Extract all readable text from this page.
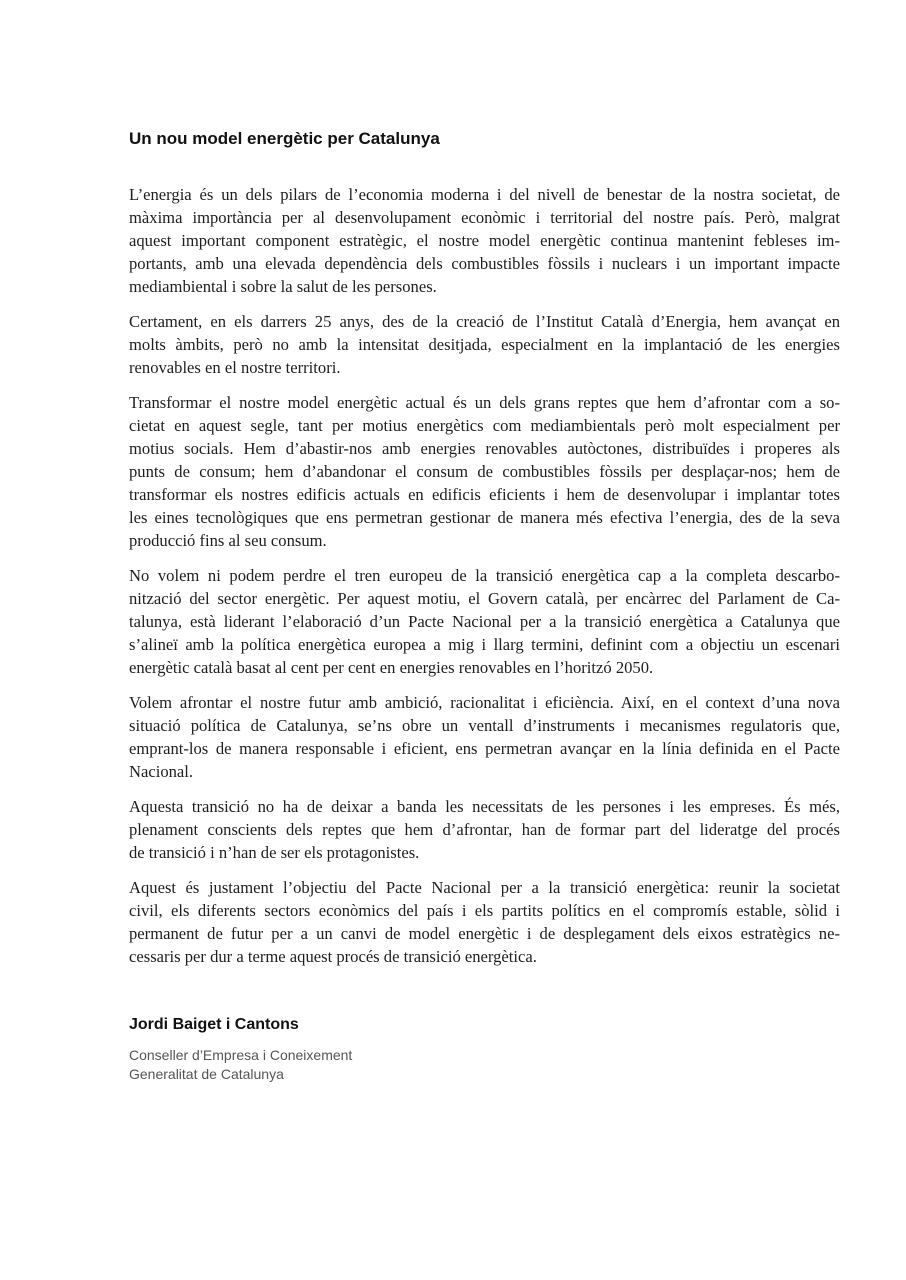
Un nou model energètic per Catalunya
L’energia és un dels pilars de l’economia moderna i del nivell de benestar de la nostra societat, de
màxima importància per al desenvolupament econòmic i territorial del nostre país. Però, malgrat
aquest important component estratègic, el nostre model energètic continua mantenint febleses im-
portants, amb una elevada dependència dels combustibles fòssils i nuclears i un important impacte
mediambiental i sobre la salut de les persones.
Certament, en els darrers 25 anys, des de la creació de l’Institut Català d’Energia, hem avançat en
molts àmbits, però no amb la intensitat desitjada, especialment en la implantació de les energies
renovables en el nostre territori.
Transformar el nostre model energètic actual és un dels grans reptes que hem d’afrontar com a so-
cietat en aquest segle, tant per motius energètics com mediambientals però molt especialment per
motius socials. Hem d’abastir-nos amb energies renovables autòctones, distribuïdes i properes als
punts de consum; hem d’abandonar el consum de combustibles fòssils per desplaçar-nos; hem de
transformar els nostres edificis actuals en edificis eficients i hem de desenvolupar i implantar totes
les eines tecnològiques que ens permetran gestionar de manera més efectiva l’energia, des de la seva
producció fins al seu consum.
No volem ni podem perdre el tren europeu de la transició energètica cap a la completa descarbo-
nització del sector energètic. Per aquest motiu, el Govern català, per encàrrec del Parlament de Ca-
talunya, està liderant l’elaboració d’un Pacte Nacional per a la transició energètica a Catalunya que
s’alineï amb la política energètica europea a mig i llarg termini, definint com a objectiu un escenari
energètic català basat al cent per cent en energies renovables en l’horitzó 2050.
Volem afrontar el nostre futur amb ambició, racionalitat i eficiència. Així, en el context d’una nova
situació política de Catalunya, se’ns obre un ventall d’instruments i mecanismes regulatoris que,
emprant-los de manera responsable i eficient, ens permetran avançar en la línia definida en el Pacte
Nacional.
Aquesta transició no ha de deixar a banda les necessitats de les persones i les empreses. És més,
plenament conscients dels reptes que hem d’afrontar, han de formar part del lideratge del procés
de transició i n’han de ser els protagonistes.
Aquest és justament l’objectiu del Pacte Nacional per a la transició energètica: reunir la societat
civil, els diferents sectors econòmics del país i els partits polítics en el compromís estable, sòlid i
permanent de futur per a un canvi de model energètic i de desplegament dels eixos estratègics ne-
cessaris per dur a terme aquest procés de transició energètica.
Jordi Baiget i Cantons
Conseller d’Empresa i Coneixement
Generalitat de Catalunya
